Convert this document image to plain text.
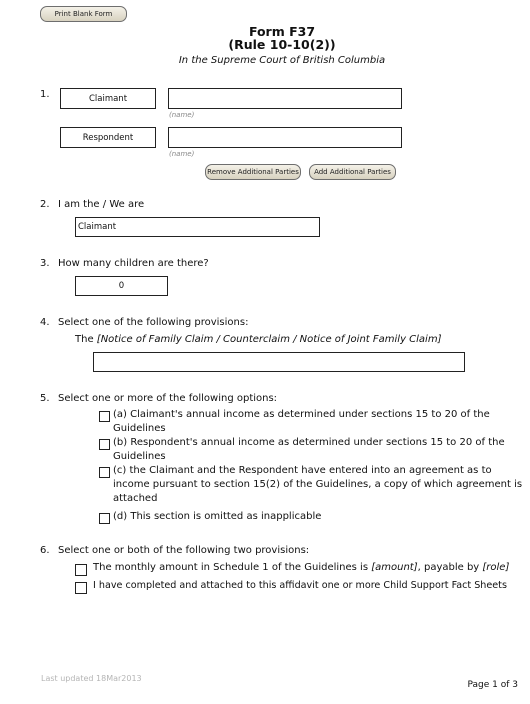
Print Blank Form
Form F37
(Rule 10-10(2))
In the Supreme Court of British Columbia
1.	Claimant
(name)
Respondent
(name)
Remove Additional Parties	Add Additional Parties
2. I am the / We are
Claimant
3. How many children are there?
0
4. Select one of the following provisions:
The [Notice of Family Claim / Counterclaim / Notice of Joint Family Claim]
5. Select one or more of the following options:
(a) Claimant's annual income as determined under sections 15 to 20 of the
Guidelines
(b) Respondent's annual income as determined under sections 15 to 20 of the
Guidelines
(c) the Claimant and the Respondent have entered into an agreement as to
income pursuant to section 15(2) of the Guidelines, a copy of which agreement is
attached
(d) This section is omitted as inapplicable
6. Select one or both of the following two provisions:
The monthly amount in Schedule 1 of the Guidelines is [amount], payable by [role]
I have completed and attached to this affidavit one or more Child Support Fact Sheets
Last updated 18Mar2013
Page 1 of 3
